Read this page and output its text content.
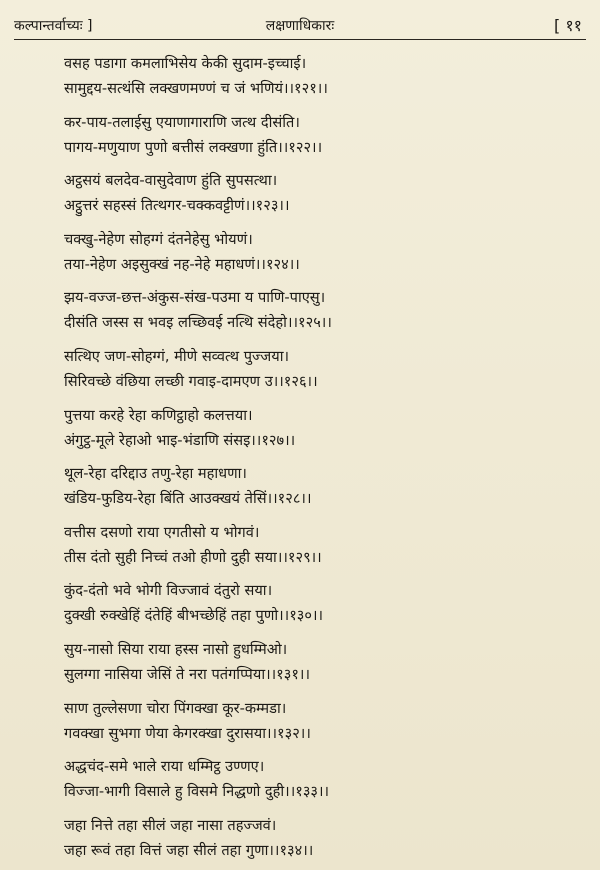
कल्पान्तर्वाच्यः ]	लक्षणाधिकारः	[ ११
वसह पडागा कमलाभिसेय केकी सुदाम-इच्चाई।
सामुद्दय-सत्थंसि लक्खणमण्णं च जं भणियं।।१२१।।
कर-पाय-तलाईसु एयाणागाराणि जत्थ दीसंति।
पागय-मणुयाण पुणो बत्तीसं लक्खणा हुंति।।१२२।।
अट्ठसयं बलदेव-वासुदेवाण हुंति सुपसत्था।
अट्ठुत्तरं सहस्सं तित्थगर-चक्कवट्टीणं।।१२३।।
चक्खु-नेहेण सोहग्गं दंतनेहेसु भोयणं।
तया-नेहेण अइसुक्खं नह-नेहे महाधणं।।१२४।।
झय-वज्ज-छत्त-अंकुस-संख-पउमा य पाणि-पाएसु।
दीसंति जस्स स भवइ लच्छिवई नत्थि संदेहो।।१२५।।
सत्थिए जण-सोहग्गं, मीणे सव्वत्थ पुज्जया।
सिरिवच्छे वंछिया लच्छी गवाइ-दामएण उ।।१२६।।
पुत्तया करहे रेहा कणिट्ठाहो कलत्तया।
अंगुट्ठ-मूले रेहाओ भाइ-भंडाणि संसइ।।१२७।।
थूल-रेहा दरिद्दाउ तणु-रेहा महाधणा।
खंडिय-फुडिय-रेहा बिंति आउक्खयं तेसिं।।१२८।।
वत्तीस दसणो राया एगतीसो य भोगवं।
तीस दंतो सुही निच्चं तओ हीणो दुही सया।।१२९।।
कुंद-दंतो भवे भोगी विज्जावं दंतुरो सया।
दुक्खी रुक्खेहिं दंतेहिं बीभच्छेहिं तहा पुणो।।१३०।।
सुय-नासो सिया राया हस्स नासो हुधम्मिओ।
सुलग्गा नासिया जेसिं ते नरा पतंगप्पिया।।१३१।।
साण तुल्लेसणा चोरा पिंगक्खा कूर-कम्मडा।
गवक्खा सुभगा णेया केगरक्खा दुरासया।।१३२।।
अद्धचंद-समे भाले राया धम्मिट्ठ उण्णए।
विज्जा-भागी विसाले हु विसमे निद्धणो दुही।।१३३।।
जहा नित्ते तहा सीलं जहा नासा तहज्जवं।
जहा रूवं तहा वित्तं जहा सीलं तहा गुणा।।१३४।।
